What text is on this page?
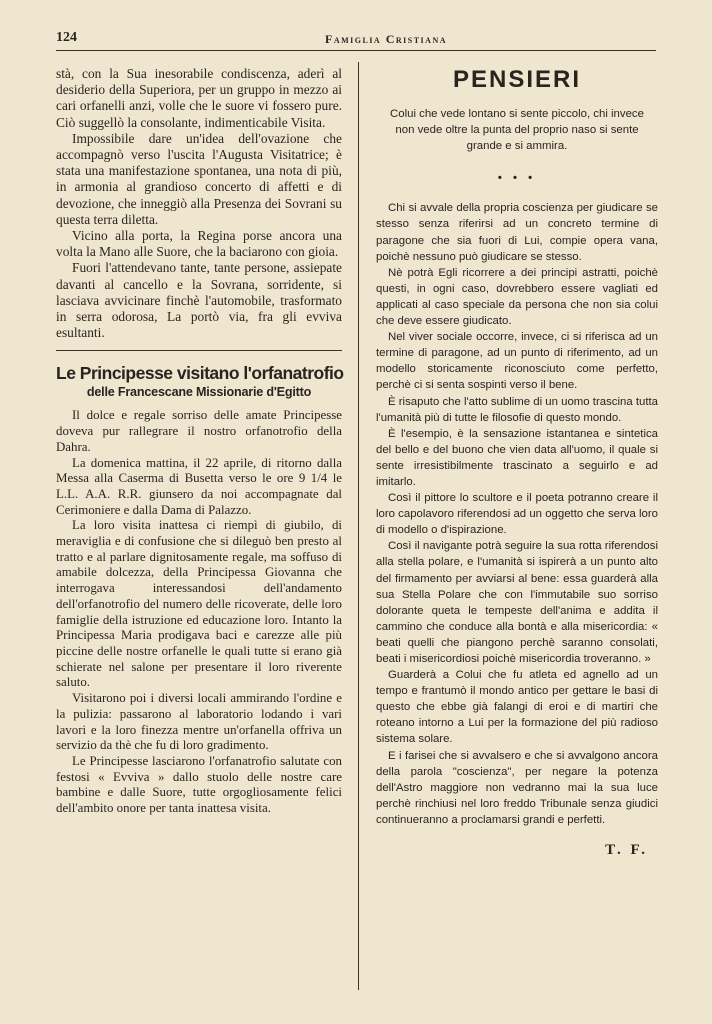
124	Famiglia Cristiana

stà, con la Sua inesorabile condiscenza, aderì al desiderio della Superiora, per un gruppo in mezzo ai cari orfanelli anzi, volle che le suore vi fossero pure. Ciò suggellò la consolante, indimenticabile Visita.

Impossibile dare un'idea dell'ovazione che accompagnò verso l'uscita l'Augusta Visitatrice; è stata una manifestazione spontanea, una nota di più, in armonia al grandioso concerto di affetti e di devozione, che inneggiò alla Presenza dei Sovrani su questa terra diletta.

Vicino alla porta, la Regina porse ancora una volta la Mano alle Suore, che la baciarono con gioia.

Fuori l'attendevano tante, tante persone, assiepate davanti al cancello e la Sovrana, sorridente, si lasciava avvicinare finchè l'automobile, trasformato in serra odorosa, La portò via, fra gli evviva esultanti.

Le Principesse visitano l'orfanatrofio
delle Francescane Missionarie d'Egitto

Il dolce e regale sorriso delle amate Principesse doveva pur rallegrare il nostro orfanotrofio della Dahra.

La domenica mattina, il 22 aprile, di ritorno dalla Messa alla Caserma di Busetta verso le ore 9 1/4 le L.L. A.A. R.R. giunsero da noi accompagnate dal Cerimoniere e dalla Dama di Palazzo.

La loro visita inattesa ci riempì di giubilo, di meraviglia e di confusione che si dileguò ben presto al tratto e al parlare dignitosamente regale, ma soffuso di amabile dolcezza, della Principessa Giovanna che interrogava interessandosi dell'andamento dell'orfanotrofio del numero delle ricoverate, delle loro famiglie della istruzione ed educazione loro. Intanto la Principessa Maria prodigava baci e carezze alle più piccine delle nostre orfanelle le quali tutte si erano già schierate nel salone per presentare il loro riverente saluto.

Visitarono poi i diversi locali ammirando l'ordine e la pulizia: passarono al laboratorio lodando i vari lavori e la loro finezza mentre un'orfanella offriva un servizio da thè che fu di loro gradimento.

Le Principesse lasciarono l'orfanatrofio salutate con festosi « Evviva » dallo stuolo delle nostre care bambine e dalle Suore, tutte orgogliosamente felici dell'ambito onore per tanta inattesa visita.

PENSIERI

Colui che vede lontano si sente piccolo, chi invece non vede oltre la punta del proprio naso si sente grande e si ammira.

• • •

Chi si avvale della propria coscienza per giudicare se stesso senza riferirsi ad un concreto termine di paragone che sia fuori di Lui, compie opera vana, poichè nessuno può giudicare se stesso.

Nè potrà Egli ricorrere a dei principi astratti, poichè questi, in ogni caso, dovrebbero essere vagliati ed applicati al caso speciale da persona che non sia colui che deve essere giudicato.

Nel viver sociale occorre, invece, ci si riferisca ad un termine di paragone, ad un punto di riferimento, ad un modello storicamente riconosciuto come perfetto, perchè ci si senta sospinti verso il bene.

È risaputo che l'atto sublime di un uomo trascina tutta l'umanità più di tutte le filosofie di questo mondo.

È l'esempio, è la sensazione istantanea e sintetica del bello e del buono che vien data all'uomo, il quale si sente irresistibilmente trascinato a seguirlo e ad imitarlo.

Così il pittore lo scultore e il poeta potranno creare il loro capolavoro riferendosi ad un oggetto che serva loro di modello o d'ispirazione.

Così il navigante potrà seguire la sua rotta riferendosi alla stella polare, e l'umanità si ispirerà a un punto alto del firmamento per avviarsi al bene: essa guarderà alla sua Stella Polare che con l'immutabile suo sorriso dolorante queta le tempeste dell'anima e addita il cammino che conduce alla bontà e alla misericordia: « beati quelli che piangono perchè saranno consolati, beati i misericordiosi poichè misericordia troveranno. »

Guarderà a Colui che fu atleta ed agnello ad un tempo e frantumò il mondo antico per gettare le basi di questo che ebbe già falangi di eroi e di martiri che roteano intorno a Lui per la formazione del più radioso sistema solare.

E i farisei che si avvalsero e che si avvalgono ancora della parola "coscienza", per negare la potenza dell'Astro maggiore non vedranno mai la sua luce perchè rinchiusi nel loro freddo Tribunale senza giudici continueranno a proclamarsi grandi e perfetti.

T. F.
